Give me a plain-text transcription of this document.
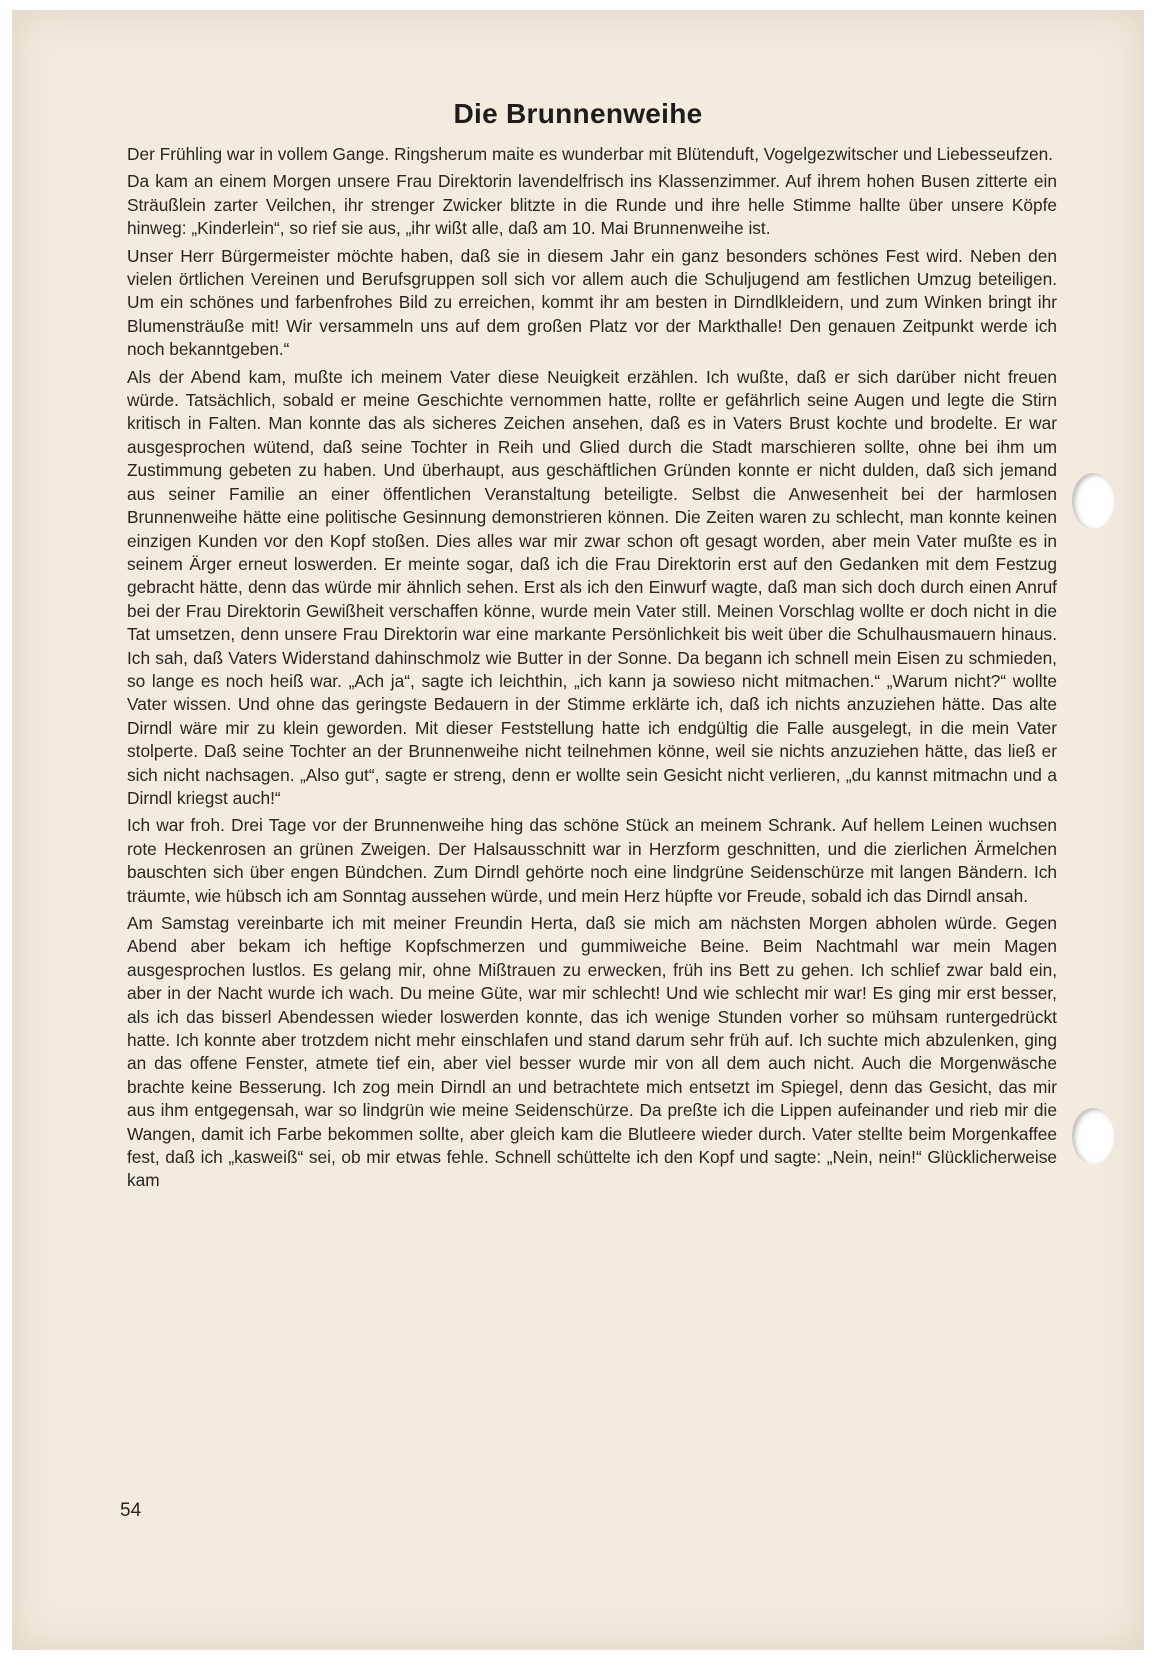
Die Brunnenweihe

Der Frühling war in vollem Gange. Ringsherum maite es wunderbar mit Blütenduft, Vogelgezwitscher und Liebesseufzen.

Da kam an einem Morgen unsere Frau Direktorin lavendelfrisch ins Klassenzimmer. Auf ihrem hohen Busen zitterte ein Sträußlein zarter Veilchen, ihr strenger Zwicker blitzte in die Runde und ihre helle Stimme hallte über unsere Köpfe hinweg: „Kinderlein“, so rief sie aus, „ihr wißt alle, daß am 10. Mai Brunnenweihe ist.

Unser Herr Bürgermeister möchte haben, daß sie in diesem Jahr ein ganz besonders schönes Fest wird. Neben den vielen örtlichen Vereinen und Berufsgruppen soll sich vor allem auch die Schuljugend am festlichen Umzug beteiligen. Um ein schönes und farbenfrohes Bild zu erreichen, kommt ihr am besten in Dirndlkleidern, und zum Winken bringt ihr Blumensträuße mit! Wir versammeln uns auf dem großen Platz vor der Markthalle! Den genauen Zeitpunkt werde ich noch bekanntgeben.“

Als der Abend kam, mußte ich meinem Vater diese Neuigkeit erzählen. Ich wußte, daß er sich darüber nicht freuen würde. Tatsächlich, sobald er meine Geschichte vernommen hatte, rollte er gefährlich seine Augen und legte die Stirn kritisch in Falten. Man konnte das als sicheres Zeichen ansehen, daß es in Vaters Brust kochte und brodelte. Er war ausgesprochen wütend, daß seine Tochter in Reih und Glied durch die Stadt marschieren sollte, ohne bei ihm um Zustimmung gebeten zu haben. Und überhaupt, aus geschäftlichen Gründen konnte er nicht dulden, daß sich jemand aus seiner Familie an einer öffentlichen Veranstaltung beteiligte. Selbst die Anwesenheit bei der harmlosen Brunnenweihe hätte eine politische Gesinnung demonstrieren können. Die Zeiten waren zu schlecht, man konnte keinen einzigen Kunden vor den Kopf stoßen. Dies alles war mir zwar schon oft gesagt worden, aber mein Vater mußte es in seinem Ärger erneut loswerden. Er meinte sogar, daß ich die Frau Direktorin erst auf den Gedanken mit dem Festzug gebracht hätte, denn das würde mir ähnlich sehen. Erst als ich den Einwurf wagte, daß man sich doch durch einen Anruf bei der Frau Direktorin Gewißheit verschaffen könne, wurde mein Vater still. Meinen Vorschlag wollte er doch nicht in die Tat umsetzen, denn unsere Frau Direktorin war eine markante Persönlichkeit bis weit über die Schulhausmauern hinaus. Ich sah, daß Vaters Widerstand dahinschmolz wie Butter in der Sonne. Da begann ich schnell mein Eisen zu schmieden, so lange es noch heiß war. „Ach ja“, sagte ich leichthin, „ich kann ja sowieso nicht mitmachen.“ „Warum nicht?“ wollte Vater wissen. Und ohne das geringste Bedauern in der Stimme erklärte ich, daß ich nichts anzuziehen hätte. Das alte Dirndl wäre mir zu klein geworden. Mit dieser Feststellung hatte ich endgültig die Falle ausgelegt, in die mein Vater stolperte. Daß seine Tochter an der Brunnenweihe nicht teilnehmen könne, weil sie nichts anzuziehen hätte, das ließ er sich nicht nachsagen. „Also gut“, sagte er streng, denn er wollte sein Gesicht nicht verlieren, „du kannst mitmachn und a Dirndl kriegst auch!“

Ich war froh. Drei Tage vor der Brunnenweihe hing das schöne Stück an meinem Schrank. Auf hellem Leinen wuchsen rote Heckenrosen an grünen Zweigen. Der Halsausschnitt war in Herzform geschnitten, und die zierlichen Ärmelchen bauschten sich über engen Bündchen. Zum Dirndl gehörte noch eine lindgrüne Seidenschürze mit langen Bändern. Ich träumte, wie hübsch ich am Sonntag aussehen würde, und mein Herz hüpfte vor Freude, sobald ich das Dirndl ansah.

Am Samstag vereinbarte ich mit meiner Freundin Herta, daß sie mich am nächsten Morgen abholen würde. Gegen Abend aber bekam ich heftige Kopfschmerzen und gummiweiche Beine. Beim Nachtmahl war mein Magen ausgesprochen lustlos. Es gelang mir, ohne Mißtrauen zu erwecken, früh ins Bett zu gehen. Ich schlief zwar bald ein, aber in der Nacht wurde ich wach. Du meine Güte, war mir schlecht! Und wie schlecht mir war! Es ging mir erst besser, als ich das bisserl Abendessen wieder loswerden konnte, das ich wenige Stunden vorher so mühsam runtergedrückt hatte. Ich konnte aber trotzdem nicht mehr einschlafen und stand darum sehr früh auf. Ich suchte mich abzulenken, ging an das offene Fenster, atmete tief ein, aber viel besser wurde mir von all dem auch nicht. Auch die Morgenwäsche brachte keine Besserung. Ich zog mein Dirndl an und betrachtete mich entsetzt im Spiegel, denn das Gesicht, das mir aus ihm entgegensah, war so lindgrün wie meine Seidenschürze. Da preßte ich die Lippen aufeinander und rieb mir die Wangen, damit ich Farbe bekommen sollte, aber gleich kam die Blutleere wieder durch. Vater stellte beim Morgenkaffee fest, daß ich „kasweiß“ sei, ob mir etwas fehle. Schnell schüttelte ich den Kopf und sagte: „Nein, nein!“ Glücklicherweise kam

54
